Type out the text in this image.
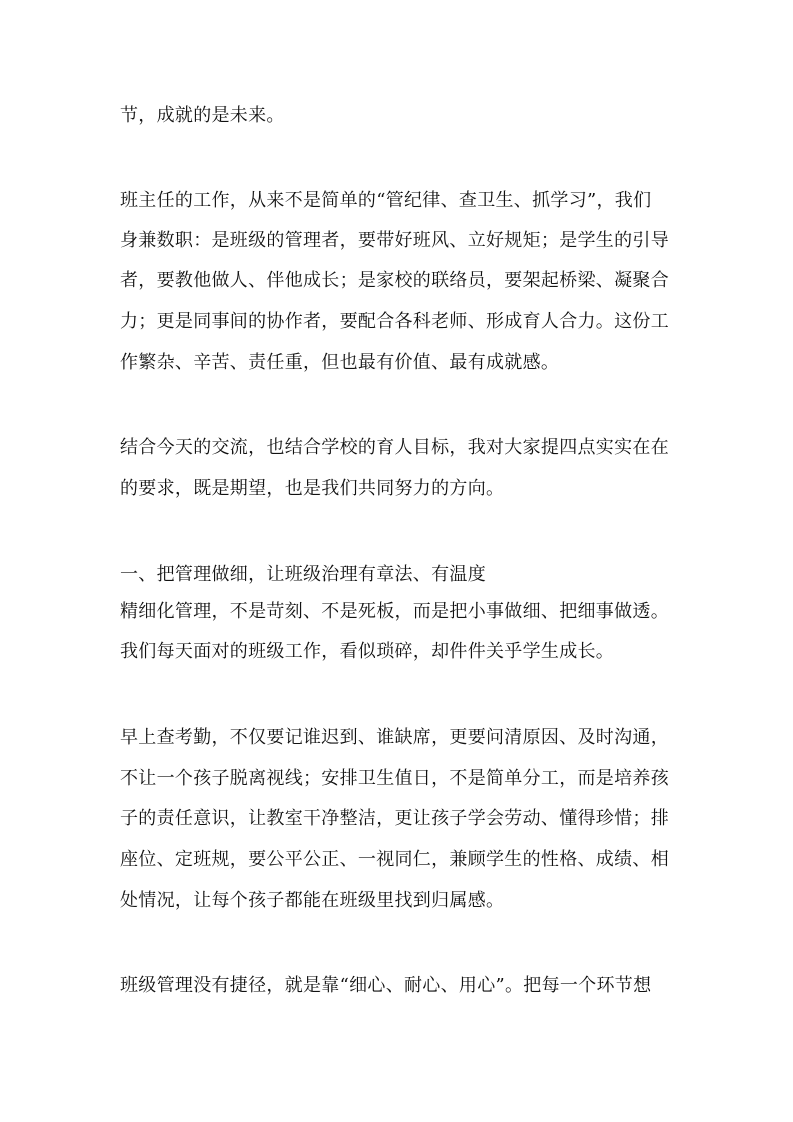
节，成就的是未来。

班主任的工作，从来不是简单的“管纪律、查卫生、抓学习”，我们

身兼数职：是班级的管理者，要带好班风、立好规矩；是学生的引导

者，要教他做人、伴他成长；是家校的联络员，要架起桥梁、凝聚合

力；更是同事间的协作者，要配合各科老师、形成育人合力。这份工

作繁杂、辛苦、责任重，但也最有价值、最有成就感。

结合今天的交流，也结合学校的育人目标，我对大家提四点实实在在

的要求，既是期望，也是我们共同努力的方向。

一、把管理做细，让班级治理有章法、有温度

精细化管理，不是苛刻、不是死板，而是把小事做细、把细事做透。

我们每天面对的班级工作，看似琐碎，却件件关乎学生成长。

早上查考勤，不仅要记谁迟到、谁缺席，更要问清原因、及时沟通，

不让一个孩子脱离视线；安排卫生值日，不是简单分工，而是培养孩

子的责任意识，让教室干净整洁，更让孩子学会劳动、懂得珍惜；排

座位、定班规，要公平公正、一视同仁，兼顾学生的性格、成绩、相

处情况，让每个孩子都能在班级里找到归属感。

班级管理没有捷径，就是靠“细心、耐心、用心”。把每一个环节想
